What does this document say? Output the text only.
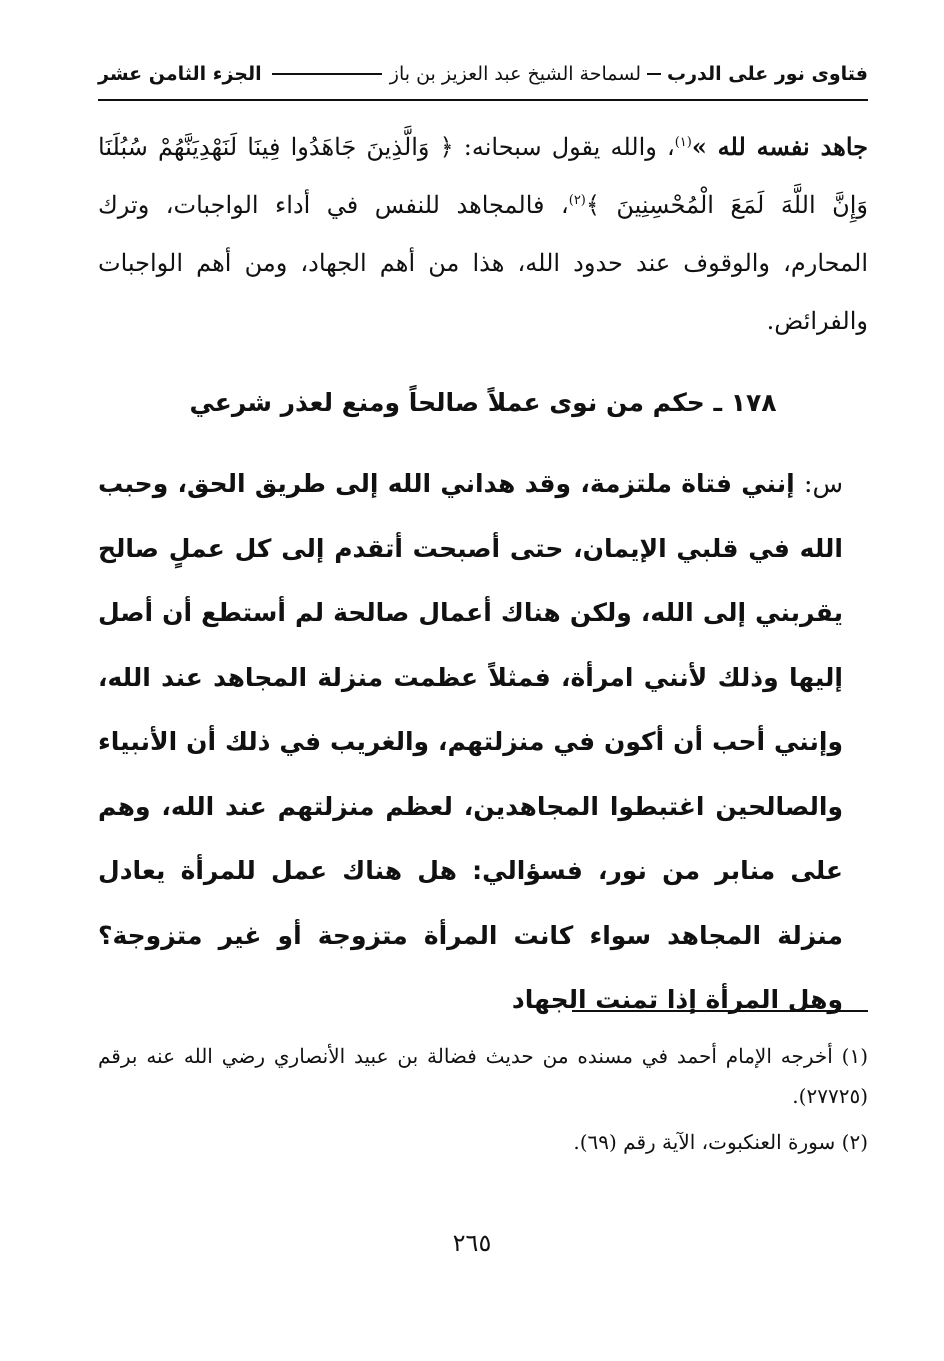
فتاوى نور على الدرب
لسماحة الشيخ عبد العزيز بن باز
الجزء الثامن عشر
جاهد نفسه لله »$^{(١)}$، والله يقول سبحانه: ﴿ وَالَّذِينَ جَاهَدُوا فِينَا لَنَهْدِيَنَّهُمْ سُبُلَنَا وَإِنَّ اللَّهَ لَمَعَ الْمُحْسِنِينَ ﴾$^{(٢)}$، فالمجاهد للنفس في أداء الواجبات، وترك المحارم، والوقوف عند حدود الله، هذا من أهم الجهاد، ومن أهم الواجبات والفرائض.
١٧٨ ـ حكم من نوى عملاً صالحاً ومنع لعذر شرعي
س: إنني فتاة ملتزمة، وقد هداني الله إلى طريق الحق، وحبب الله في قلبي الإيمان، حتى أصبحت أتقدم إلى كل عملٍ صالح يقربني إلى الله، ولكن هناك أعمال صالحة لم أستطع أن أصل إليها وذلك لأنني امرأة، فمثلاً عظمت منزلة المجاهد عند الله، وإنني أحب أن أكون في منزلتهم، والغريب في ذلك أن الأنبياء والصالحين اغتبطوا المجاهدين، لعظم منزلتهم عند الله، وهم على منابر من نور، فسؤالي: هل هناك عمل للمرأة يعادل منزلة المجاهد سواء كانت المرأة متزوجة أو غير متزوجة؟ وهل المرأة إذا تمنت الجهاد

(١) أخرجه الإمام أحمد في مسنده من حديث فضالة بن عبيد الأنصاري رضي الله عنه برقم (٢٧٧٢٥).

(٢) سورة العنكبوت، الآية رقم (٦٩).

٢٦٥
